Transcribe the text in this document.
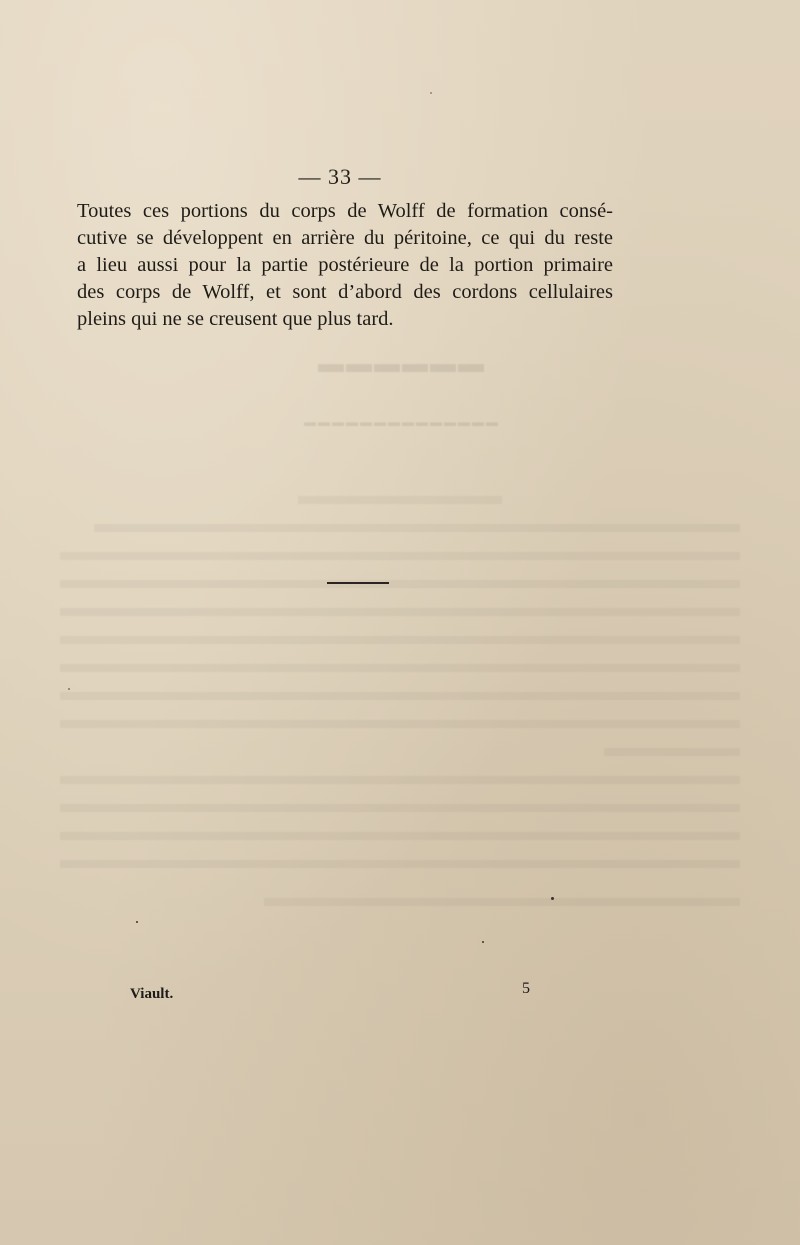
▬▬▬▬▬▬
▬▬▬▬▬▬▬▬▬▬▬▬▬▬
— 33 —
Toutes ces portions du corps de Wolff de formation consé-
cutive se développent en arrière du péritoine, ce qui du reste
a lieu aussi pour la partie postérieure de la portion primaire
des corps de Wolff, et sont d’abord des cordons cellulaires
pleins qui ne se creusent que plus tard.
Viault.	5
